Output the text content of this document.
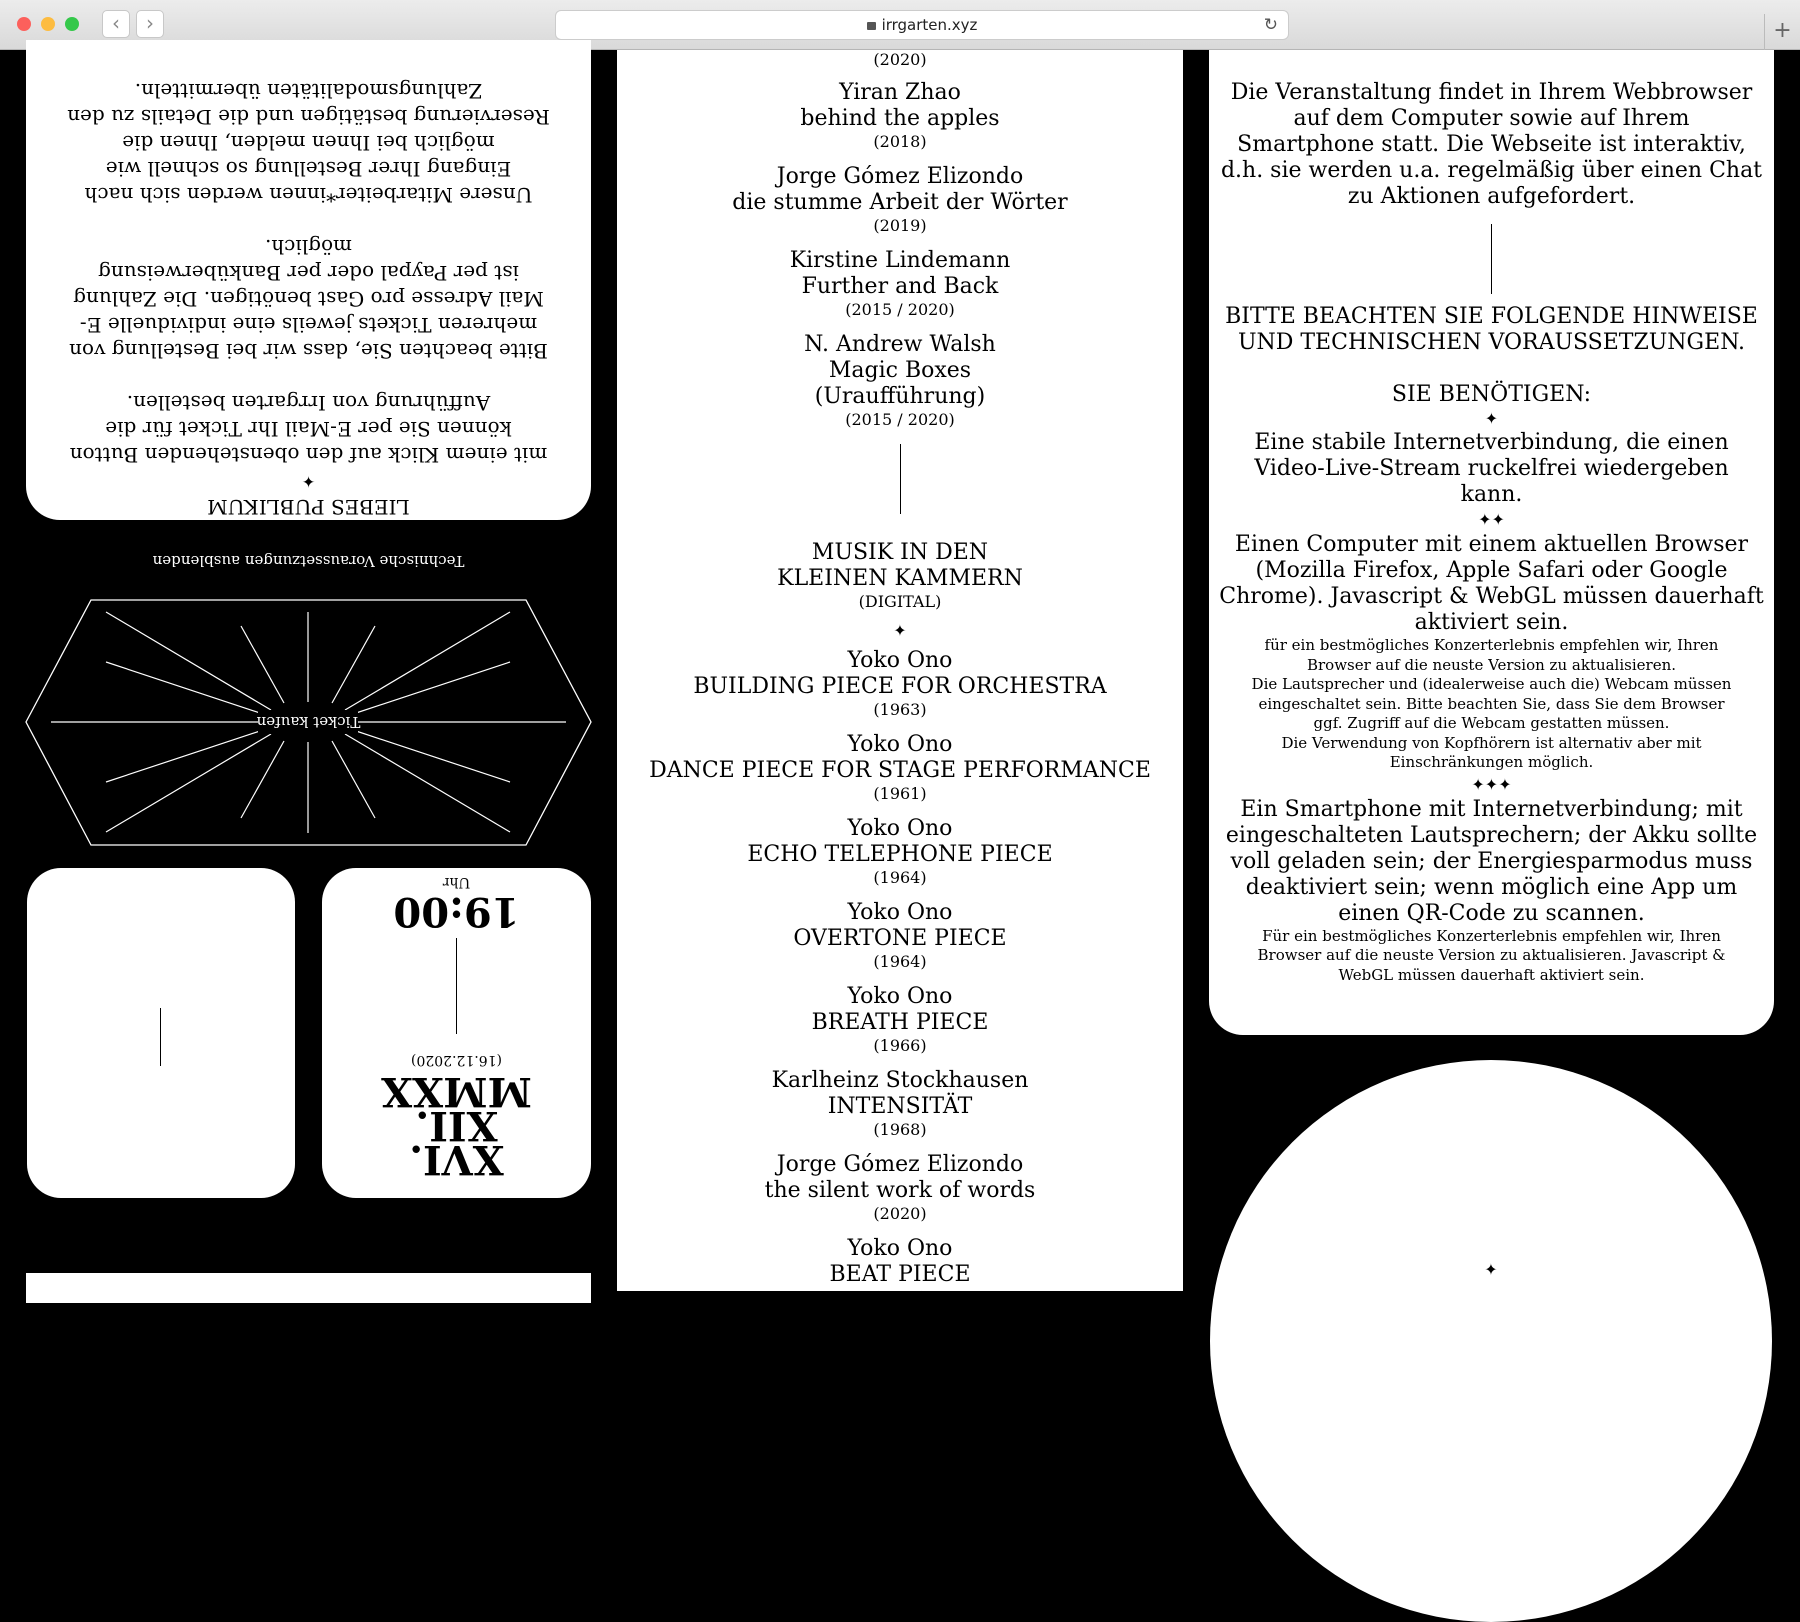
‹	›	irrgarten.xyz	↻	+
LIEBES PUBLIKUM
✦
mit einem Klick auf den obenstehenden Button
können Sie per E-Mail Ihr Ticket für die
Aufführung von Irrgarten bestellen.
Bitte beachten Sie, dass wir bei Bestellung von
mehreren Tickets jeweils eine individuelle E-
Mail Adresse pro Gast benötigen. Die Zahlung
ist per Paypal oder per Banküberweisung
möglich.
Unsere Mitarbeiter*innen werden sich nach
Eingang Ihrer Bestellung so schnell wie
möglich bei Ihnen melden, Ihnen die
Reservierung bestätigen und die Details zu den
Zahlungsmodalitäten übermitteln.
Technische Voraussetzungen ausblenden
Ticket kaufen
XVI.
XII.
MMXX
(16.12.2020)
19:00
Uhr
(2020)
Yiran Zhao
behind the apples
(2018)
Jorge Gómez Elizondo
die stumme Arbeit der Wörter
(2019)
Kirstine Lindemann
Further and Back
(2015 / 2020)
N. Andrew Walsh
Magic Boxes
(Uraufführung)
(2015 / 2020)
MUSIK IN DEN
KLEINEN KAMMERN
(DIGITAL)
✦
Yoko Ono
BUILDING PIECE FOR ORCHESTRA
(1963)
Yoko Ono
DANCE PIECE FOR STAGE PERFORMANCE
(1961)
Yoko Ono
ECHO TELEPHONE PIECE
(1964)
Yoko Ono
OVERTONE PIECE
(1964)
Yoko Ono
BREATH PIECE
(1966)
Karlheinz Stockhausen
INTENSITÄT
(1968)
Jorge Gómez Elizondo
the silent work of words
(2020)
Yoko Ono
BEAT PIECE
(1963)
Die Veranstaltung findet in Ihrem Webbrowser
auf dem Computer sowie auf Ihrem
Smartphone statt. Die Webseite ist interaktiv,
d.h. sie werden u.a. regelmäßig über einen Chat
zu Aktionen aufgefordert.
BITTE BEACHTEN SIE FOLGENDE HINWEISE
UND TECHNISCHEN VORAUSSETZUNGEN.
SIE BENÖTIGEN:
✦
Eine stabile Internetverbindung, die einen
Video-Live-Stream ruckelfrei wiedergeben
kann.
✦✦
Einen Computer mit einem aktuellen Browser
(Mozilla Firefox, Apple Safari oder Google
Chrome). Javascript & WebGL müssen dauerhaft
aktiviert sein.
für ein bestmögliches Konzerterlebnis empfehlen wir, Ihren
Browser auf die neuste Version zu aktualisieren.
Die Lautsprecher und (idealerweise auch die) Webcam müssen
eingeschaltet sein. Bitte beachten Sie, dass Sie dem Browser
ggf. Zugriff auf die Webcam gestatten müssen.
Die Verwendung von Kopfhörern ist alternativ aber mit
Einschränkungen möglich.
✦✦✦
Ein Smartphone mit Internetverbindung; mit
eingeschalteten Lautsprechern; der Akku sollte
voll geladen sein; der Energiesparmodus muss
deaktiviert sein; wenn möglich eine App um
einen QR-Code zu scannen.
Für ein bestmögliches Konzerterlebnis empfehlen wir, Ihren
Browser auf die neuste Version zu aktualisieren. Javascript &
WebGL müssen dauerhaft aktiviert sein.
✦
